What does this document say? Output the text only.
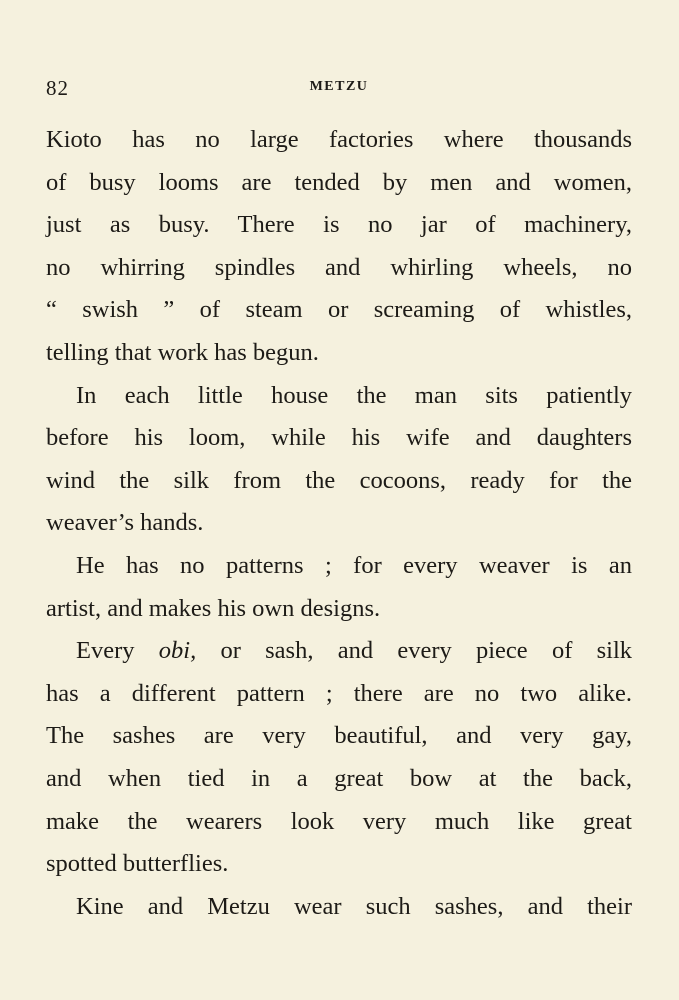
82	METZU
Kioto has no large factories where thousands
of busy looms are tended by men and women,
just as busy. There is no jar of machinery,
no whirring spindles and whirling wheels, no
“ swish ” of steam or screaming of whistles,
telling that work has begun.
In each little house the man sits patiently
before his loom, while his wife and daughters
wind the silk from the cocoons, ready for the
weaver’s hands.
He has no patterns ; for every weaver is an
artist, and makes his own designs.
Every obi, or sash, and every piece of silk
has a different pattern ; there are no two alike.
The sashes are very beautiful, and very gay,
and when tied in a great bow at the back,
make the wearers look very much like great
spotted butterflies.
Kine and Metzu wear such sashes, and their
